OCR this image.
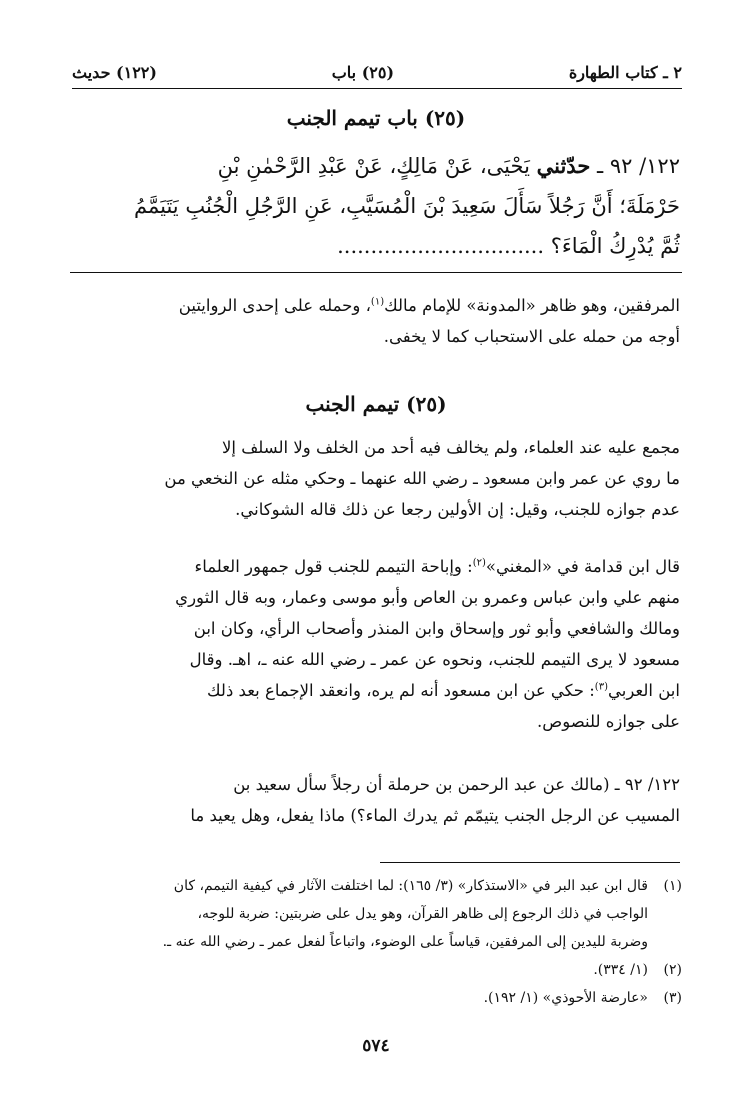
٢ ـ كتاب الطهارة
(٢٥) باب
(١٢٢) حديث
(٢٥) باب تيمم الجنب
١٢٢/ ٩٢ ـ حدّثني يَحْيَى، عَنْ مَالِكٍ، عَنْ عَبْدِ الرَّحْمٰنِ بْنِ
حَرْمَلَةَ؛ أَنَّ رَجُلاً سَأَلَ سَعِيدَ بْنَ الْمُسَيَّبِ، عَنِ الرَّجُلِ الْجُنُبِ يَتَيَمَّمُ
ثُمَّ يُدْرِكُ الْمَاءَ؟ ...............................
المرفقين، وهو ظاهر «المدونة» للإمام مالك$^{(١)}$، وحمله على إحدى الروايتين
أوجه من حمله على الاستحباب كما لا يخفى.
(٢٥) تيمم الجنب
مجمع عليه عند العلماء، ولم يخالف فيه أحد من الخلف ولا السلف إلا
ما روي عن عمر وابن مسعود ـ رضي الله عنهما ـ وحكي مثله عن النخعي من
عدم جوازه للجنب، وقيل: إن الأولين رجعا عن ذلك قاله الشوكاني.
قال ابن قدامة في «المغني»$^{(٢)}$: وإباحة التيمم للجنب قول جمهور العلماء
منهم علي وابن عباس وعمرو بن العاص وأبو موسى وعمار، وبه قال الثوري
ومالك والشافعي وأبو ثور وإسحاق وابن المنذر وأصحاب الرأي، وكان ابن
مسعود لا يرى التيمم للجنب، ونحوه عن عمر ـ رضي الله عنه ـ، اهـ. وقال
ابن العربي$^{(٣)}$: حكي عن ابن مسعود أنه لم يره، وانعقد الإجماع بعد ذلك
على جوازه للنصوص.
١٢٢/ ٩٢ ـ (مالك عن عبد الرحمن بن حرملة أن رجلاً سأل سعيد بن
المسيب عن الرجل الجنب يتيمّم ثم يدرك الماء؟) ماذا يفعل، وهل يعيد ما
(١)
قال ابن عبد البر في «الاستذكار» (٣/ ١٦٥): لما اختلفت الآثار في كيفية التيمم، كان
الواجب في ذلك الرجوع إلى ظاهر القرآن، وهو يدل على ضربتين: ضربة للوجه،
وضربة لليدين إلى المرفقين، قياساً على الوضوء، واتباعاً لفعل عمر ـ رضي الله عنه ـ.
(٢)
(١/ ٣٣٤).
(٣)
«عارضة الأحوذي» (١/ ١٩٢).
٥٧٤
